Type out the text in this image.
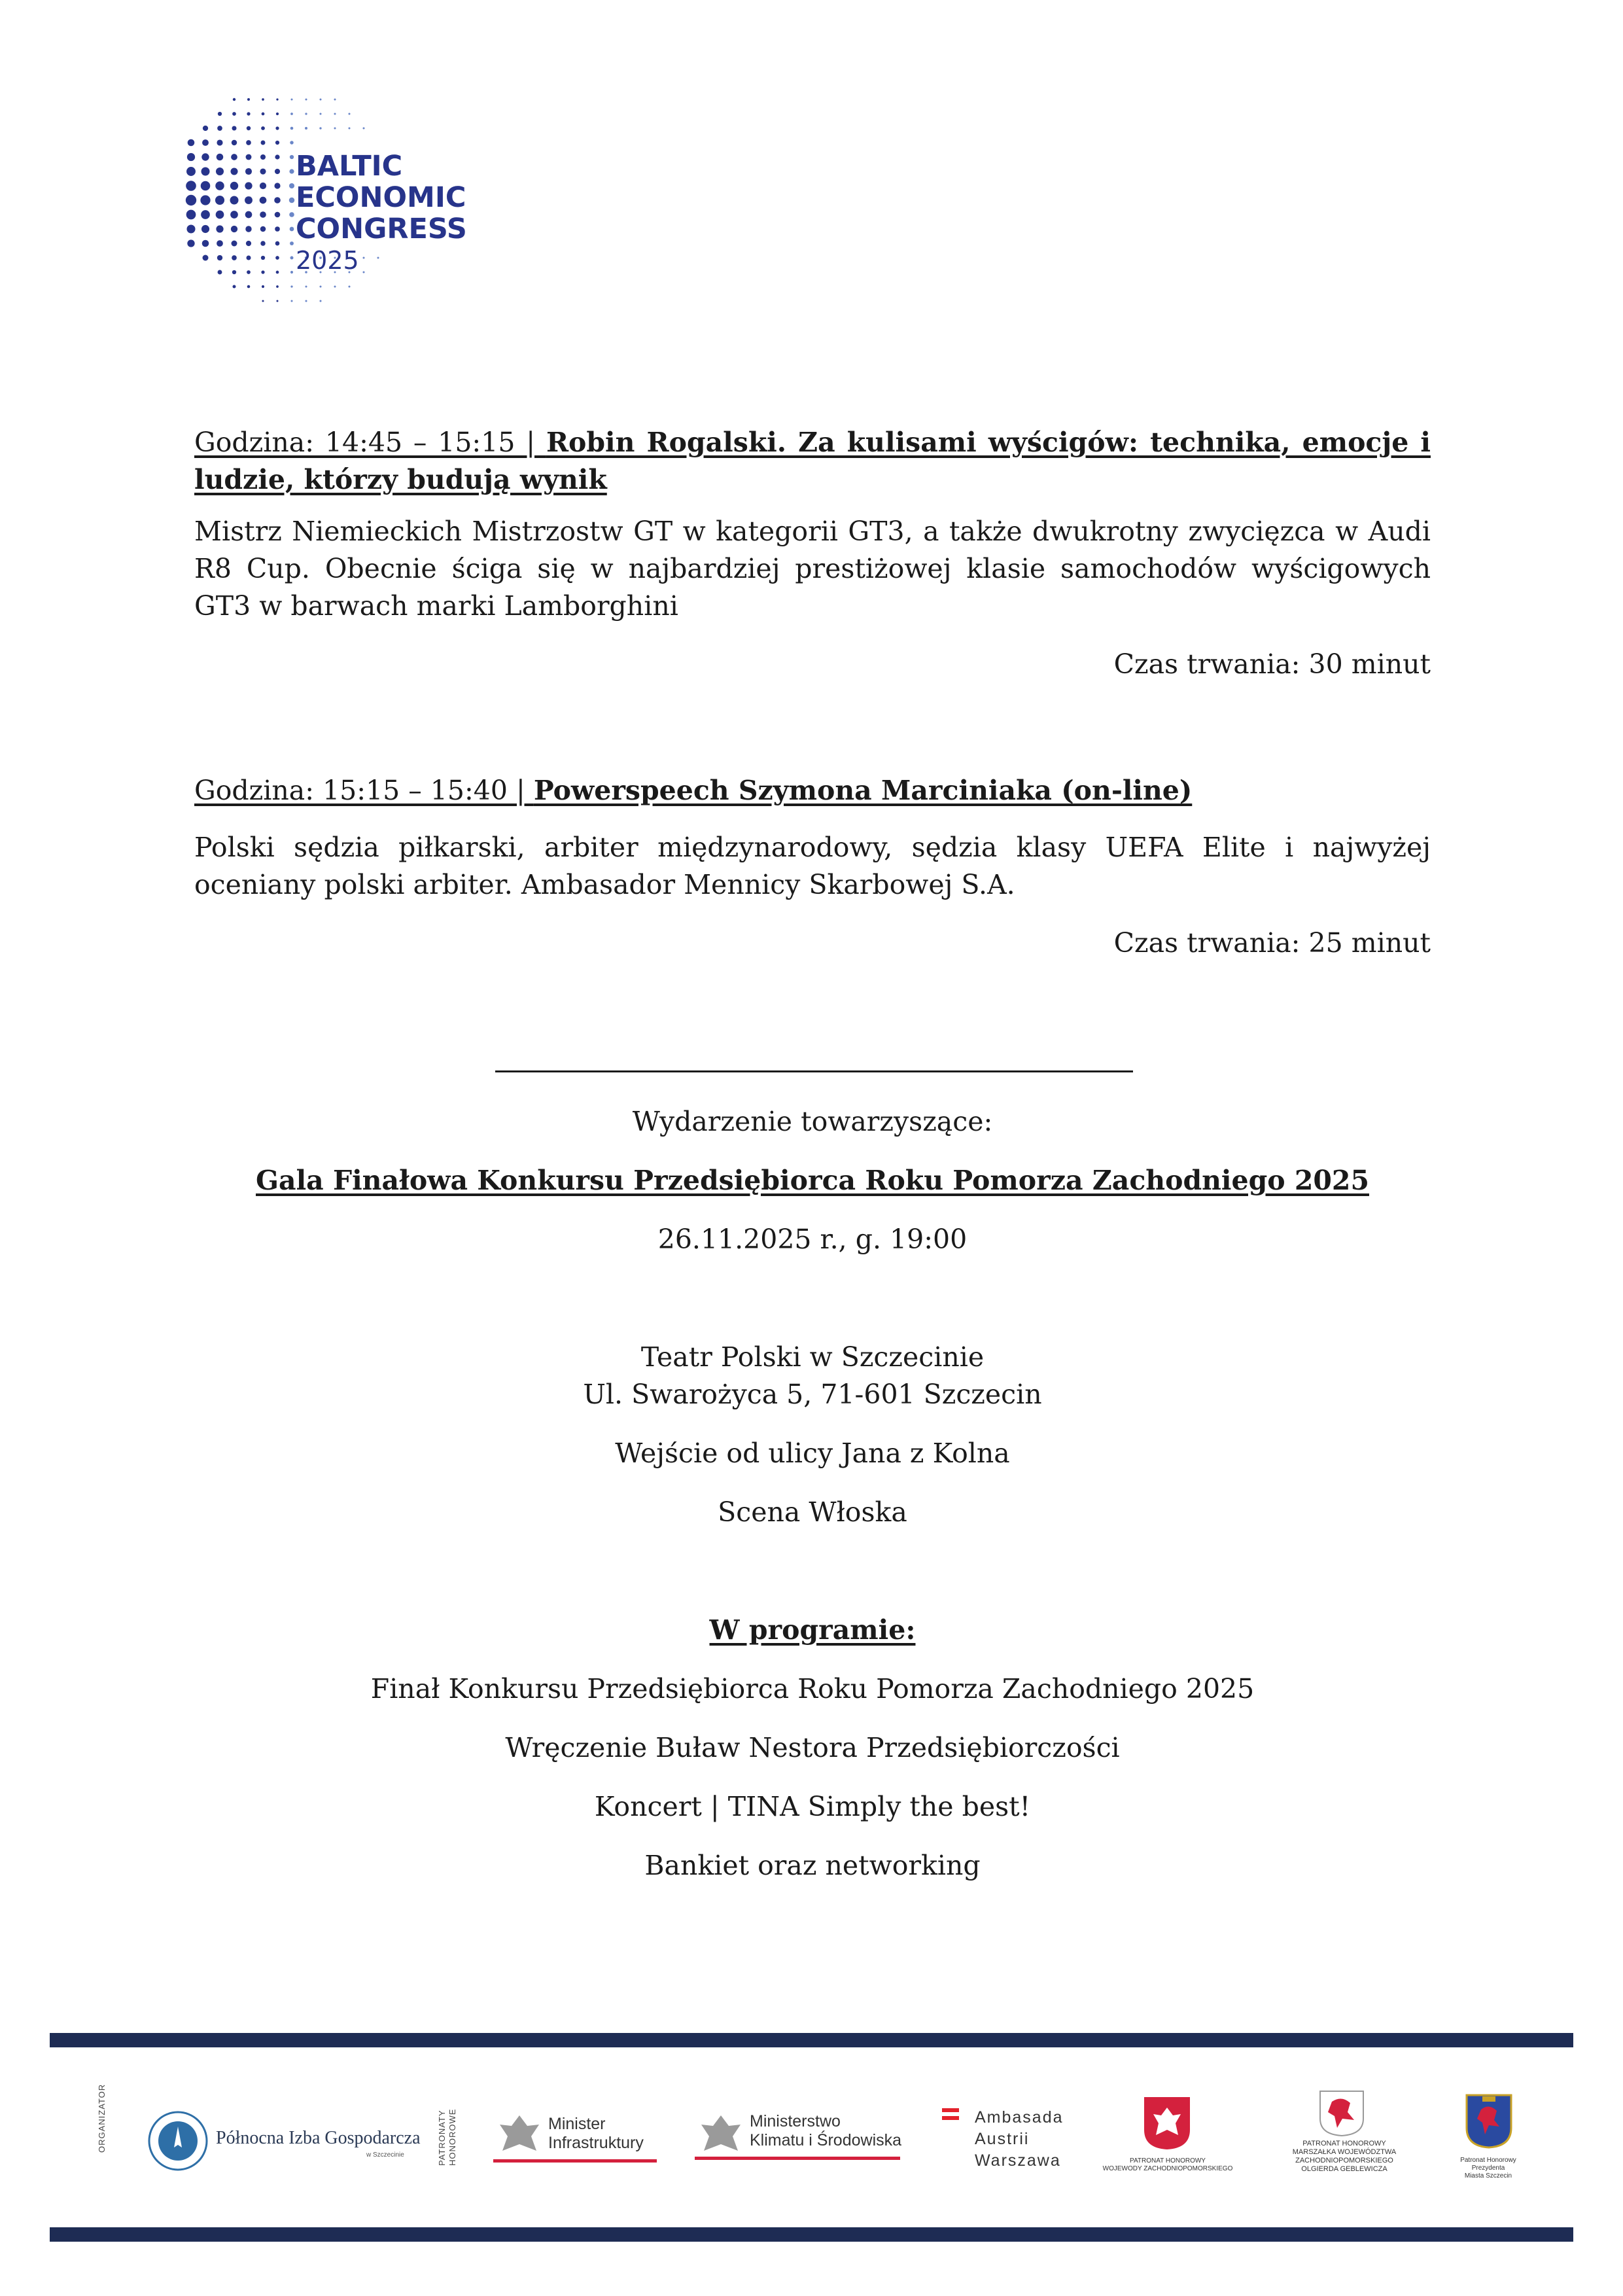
BALTIC
ECONOMIC
CONGRESS
2025

Godzina: 14:45 – 15:15 | Robin Rogalski. Za kulisami wyścigów: technika, emocje i ludzie, którzy budują wynik

Mistrz Niemieckich Mistrzostw GT w kategorii GT3, a także dwukrotny zwycięzca w Audi R8 Cup. Obecnie ściga się w najbardziej prestiżowej klasie samochodów wyścigowych GT3 w barwach marki Lamborghini

Czas trwania: 30 minut

Godzina: 15:15 – 15:40 | Powerspeech Szymona Marciniaka (on-line)

Polski sędzia piłkarski, arbiter międzynarodowy, sędzia klasy UEFA Elite i najwyżej oceniany polski arbiter. Ambasador Mennicy Skarbowej S.A.

Czas trwania: 25 minut

Wydarzenie towarzyszące:
Gala Finałowa Konkursu Przedsiębiorca Roku Pomorza Zachodniego 2025
26.11.2025 r., g. 19:00
Teatr Polski w Szczecinie
Ul. Swarożyca 5, 71-601 Szczecin
Wejście od ulicy Jana z Kolna
Scena Włoska
W programie:
Finał Konkursu Przedsiębiorca Roku Pomorza Zachodniego 2025
Wręczenie Buław Nestora Przedsiębiorczości
Koncert | TINA Simply the best!
Bankiet oraz networking
ORGANIZATOR	Północna Izba Gospodarcza
w Szczecinie	PATRONATY HONOROWE	Minister
Infrastruktury
Ministerstwo
Klimatu i Środowiska
Ambasada
Austrii
Warszawa	PATRONAT HONOROWY
WOJEWODY ZACHODNIOPOMORSKIEGO
PATRONAT HONOROWY
MARSZAŁKA WOJEWÓDZTWA
ZACHODNIOPOMORSKIEGO
OLGIERDA GEBLEWICZA
Patronat Honorowy
Prezydenta
Miasta Szczecin
